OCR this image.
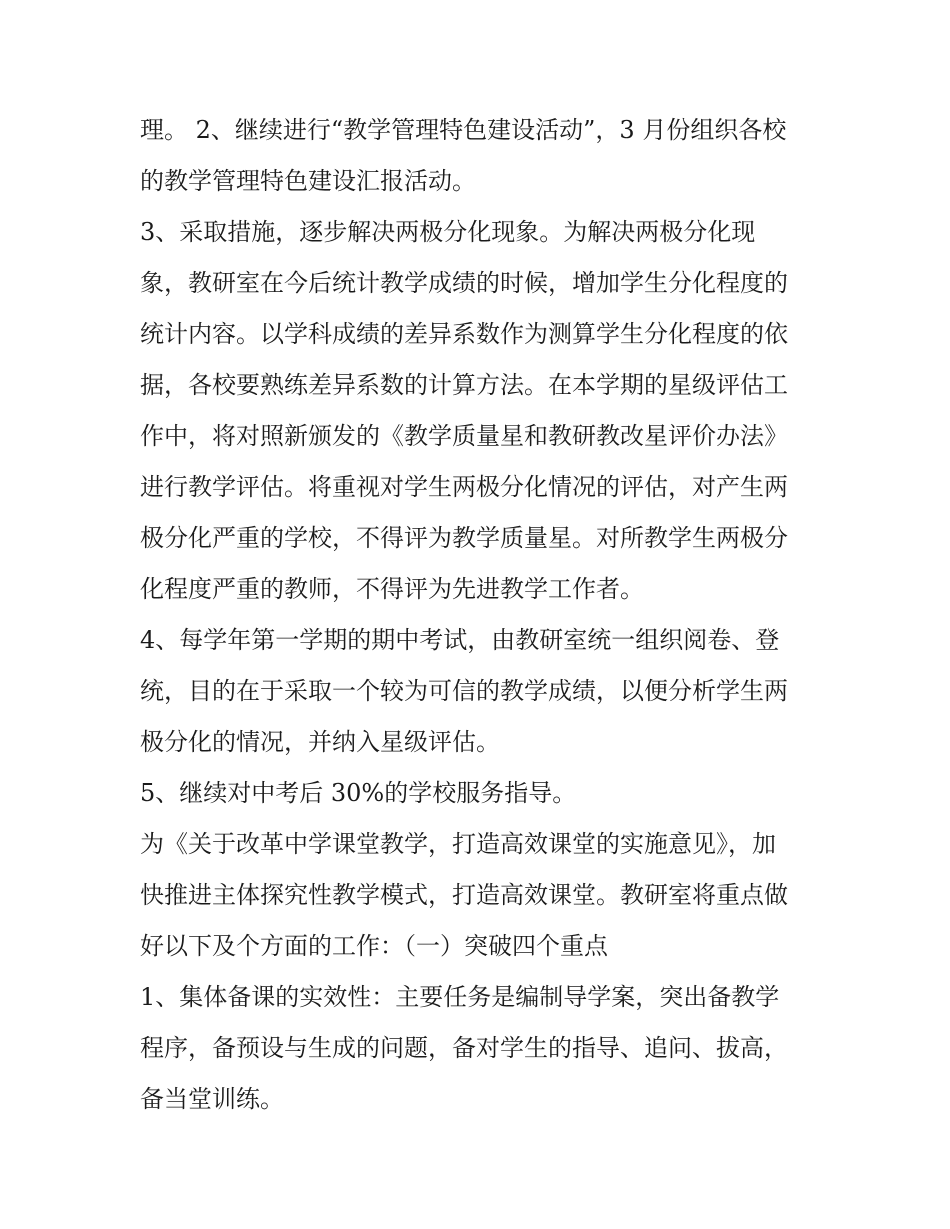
理。 2、继续进行“教学管理特色建设活动”，3 月份组织各校
的教学管理特色建设汇报活动。
3、采取措施，逐步解决两极分化现象。为解决两极分化现
象，教研室在今后统计教学成绩的时候，增加学生分化程度的
统计内容。以学科成绩的差异系数作为测算学生分化程度的依
据，各校要熟练差异系数的计算方法。在本学期的星级评估工
作中，将对照新颁发的《教学质量星和教研教改星评价办法》
进行教学评估。将重视对学生两极分化情况的评估，对产生两
极分化严重的学校，不得评为教学质量星。对所教学生两极分
化程度严重的教师，不得评为先进教学工作者。
4、每学年第一学期的期中考试，由教研室统一组织阅卷、登
统，目的在于采取一个较为可信的教学成绩，以便分析学生两
极分化的情况，并纳入星级评估。
5、继续对中考后 30%的学校服务指导。
为《关于改革中学课堂教学，打造高效课堂的实施意见》，加
快推进主体探究性教学模式，打造高效课堂。教研室将重点做
好以下及个方面的工作：（一）突破四个重点
1、集体备课的实效性：主要任务是编制导学案，突出备教学
程序，备预设与生成的问题，备对学生的指导、追问、拔高，
备当堂训练。
